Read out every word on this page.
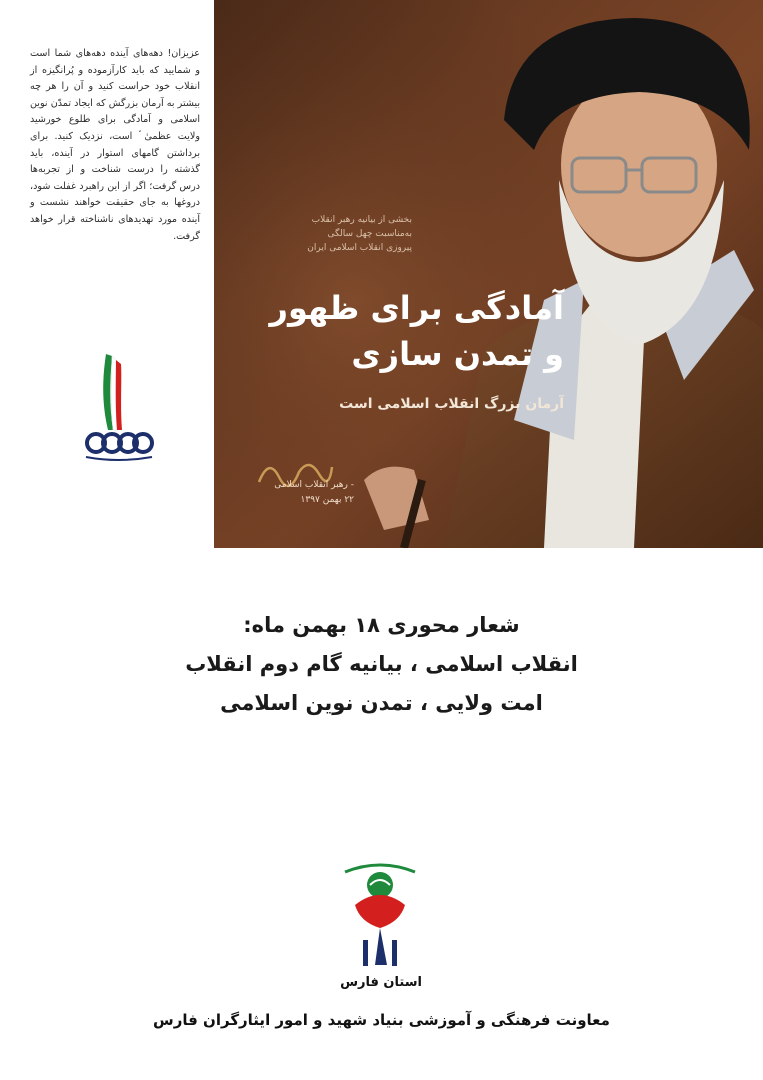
عزیزان! دهه‌های آینده دهه‌های شما است و شمایید که باید کارآزموده و پُرانگیزه از انقلاب خود حراست کنید و آن را هر چه بیشتر به آرمان بزرگش که ایجاد تمدّن نوین اسلامی و آمادگی برای طلوع خورشید ولایت عظمیٰ ؑ است، نزدیک کنید. برای برداشتن گامهای استوار در آینده، باید گذشته را درست شناخت و از تجربه‌ها درس گرفت؛ اگر از این راهبرد غفلت شود، دروغها به جای حقیقت خواهند نشست و آینده مورد تهدیدهای ناشناخته قرار خواهد گرفت.
بخشی از بیانیه رهبر انقلاب
به‌مناسبت چهل سالگی
پیروزی انقلاب اسلامی ایران
آمادگی برای ظهور
و تمدن سازی
آرمان بزرگ انقلاب اسلامی است
- رهبر انقلاب اسلامی
۲۲ بهمن ۱۳۹۷
شعار محوری ۱۸ بهمن ماه:
انقلاب اسلامی ، بیانیه گام دوم انقلاب
امت ولایی ، تمدن نوین اسلامی
استان فارس
معاونت فرهنگی و آموزشی بنیاد شهید و امور ایثارگران فارس
